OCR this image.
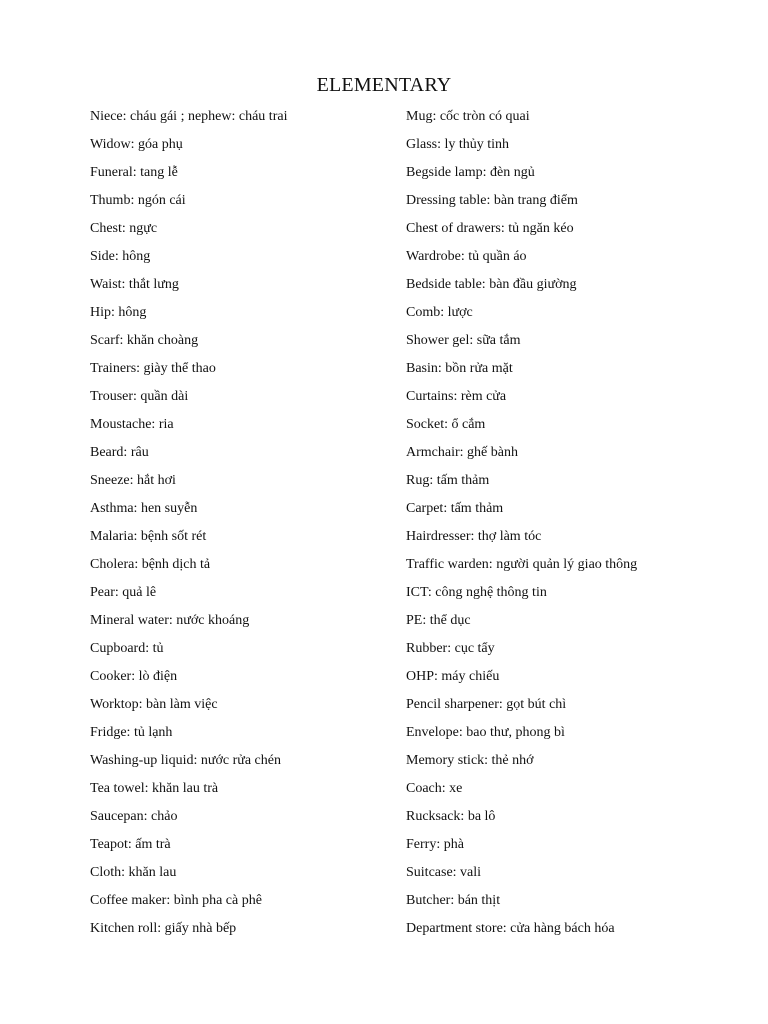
ELEMENTARY
Niece: cháu gái ; nephew: cháu trai
Widow: góa phụ
Funeral: tang lễ
Thumb: ngón cái
Chest: ngực
Side: hông
Waist: thắt lưng
Hip: hông
Scarf: khăn choàng
Trainers: giày thể thao
Trouser: quần dài
Moustache: ria
Beard: râu
Sneeze: hắt hơi
Asthma: hen suyễn
Malaria: bệnh sốt rét
Cholera: bệnh dịch tả
Pear: quả lê
Mineral water: nước khoáng
Cupboard: tủ
Cooker: lò điện
Worktop: bàn làm việc
Fridge: tủ lạnh
Washing-up liquid: nước rửa chén
Tea towel: khăn lau trà
Saucepan: chảo
Teapot: ấm trà
Cloth: khăn lau
Coffee maker: bình pha cà phê
Kitchen roll: giấy nhà bếp
Mug: cốc tròn có quai
Glass: ly thủy tinh
Begside lamp: đèn ngủ
Dressing table: bàn trang điểm
Chest of drawers: tủ ngăn kéo
Wardrobe: tủ quần áo
Bedside table: bàn đầu giường
Comb: lược
Shower gel: sữa tắm
Basin: bồn rửa mặt
Curtains: rèm cửa
Socket: ổ cắm
Armchair: ghế bành
Rug: tấm thảm
Carpet: tấm thảm
Hairdresser: thợ làm tóc
Traffic warden: người quản lý giao thông
ICT: công nghệ thông tin
PE: thể dục
Rubber: cục tẩy
OHP: máy chiếu
Pencil sharpener: gọt bút chì
Envelope: bao thư, phong bì
Memory stick: thẻ nhớ
Coach: xe
Rucksack: ba lô
Ferry: phà
Suitcase: vali
Butcher: bán thịt
Department store: cửa hàng bách hóa
